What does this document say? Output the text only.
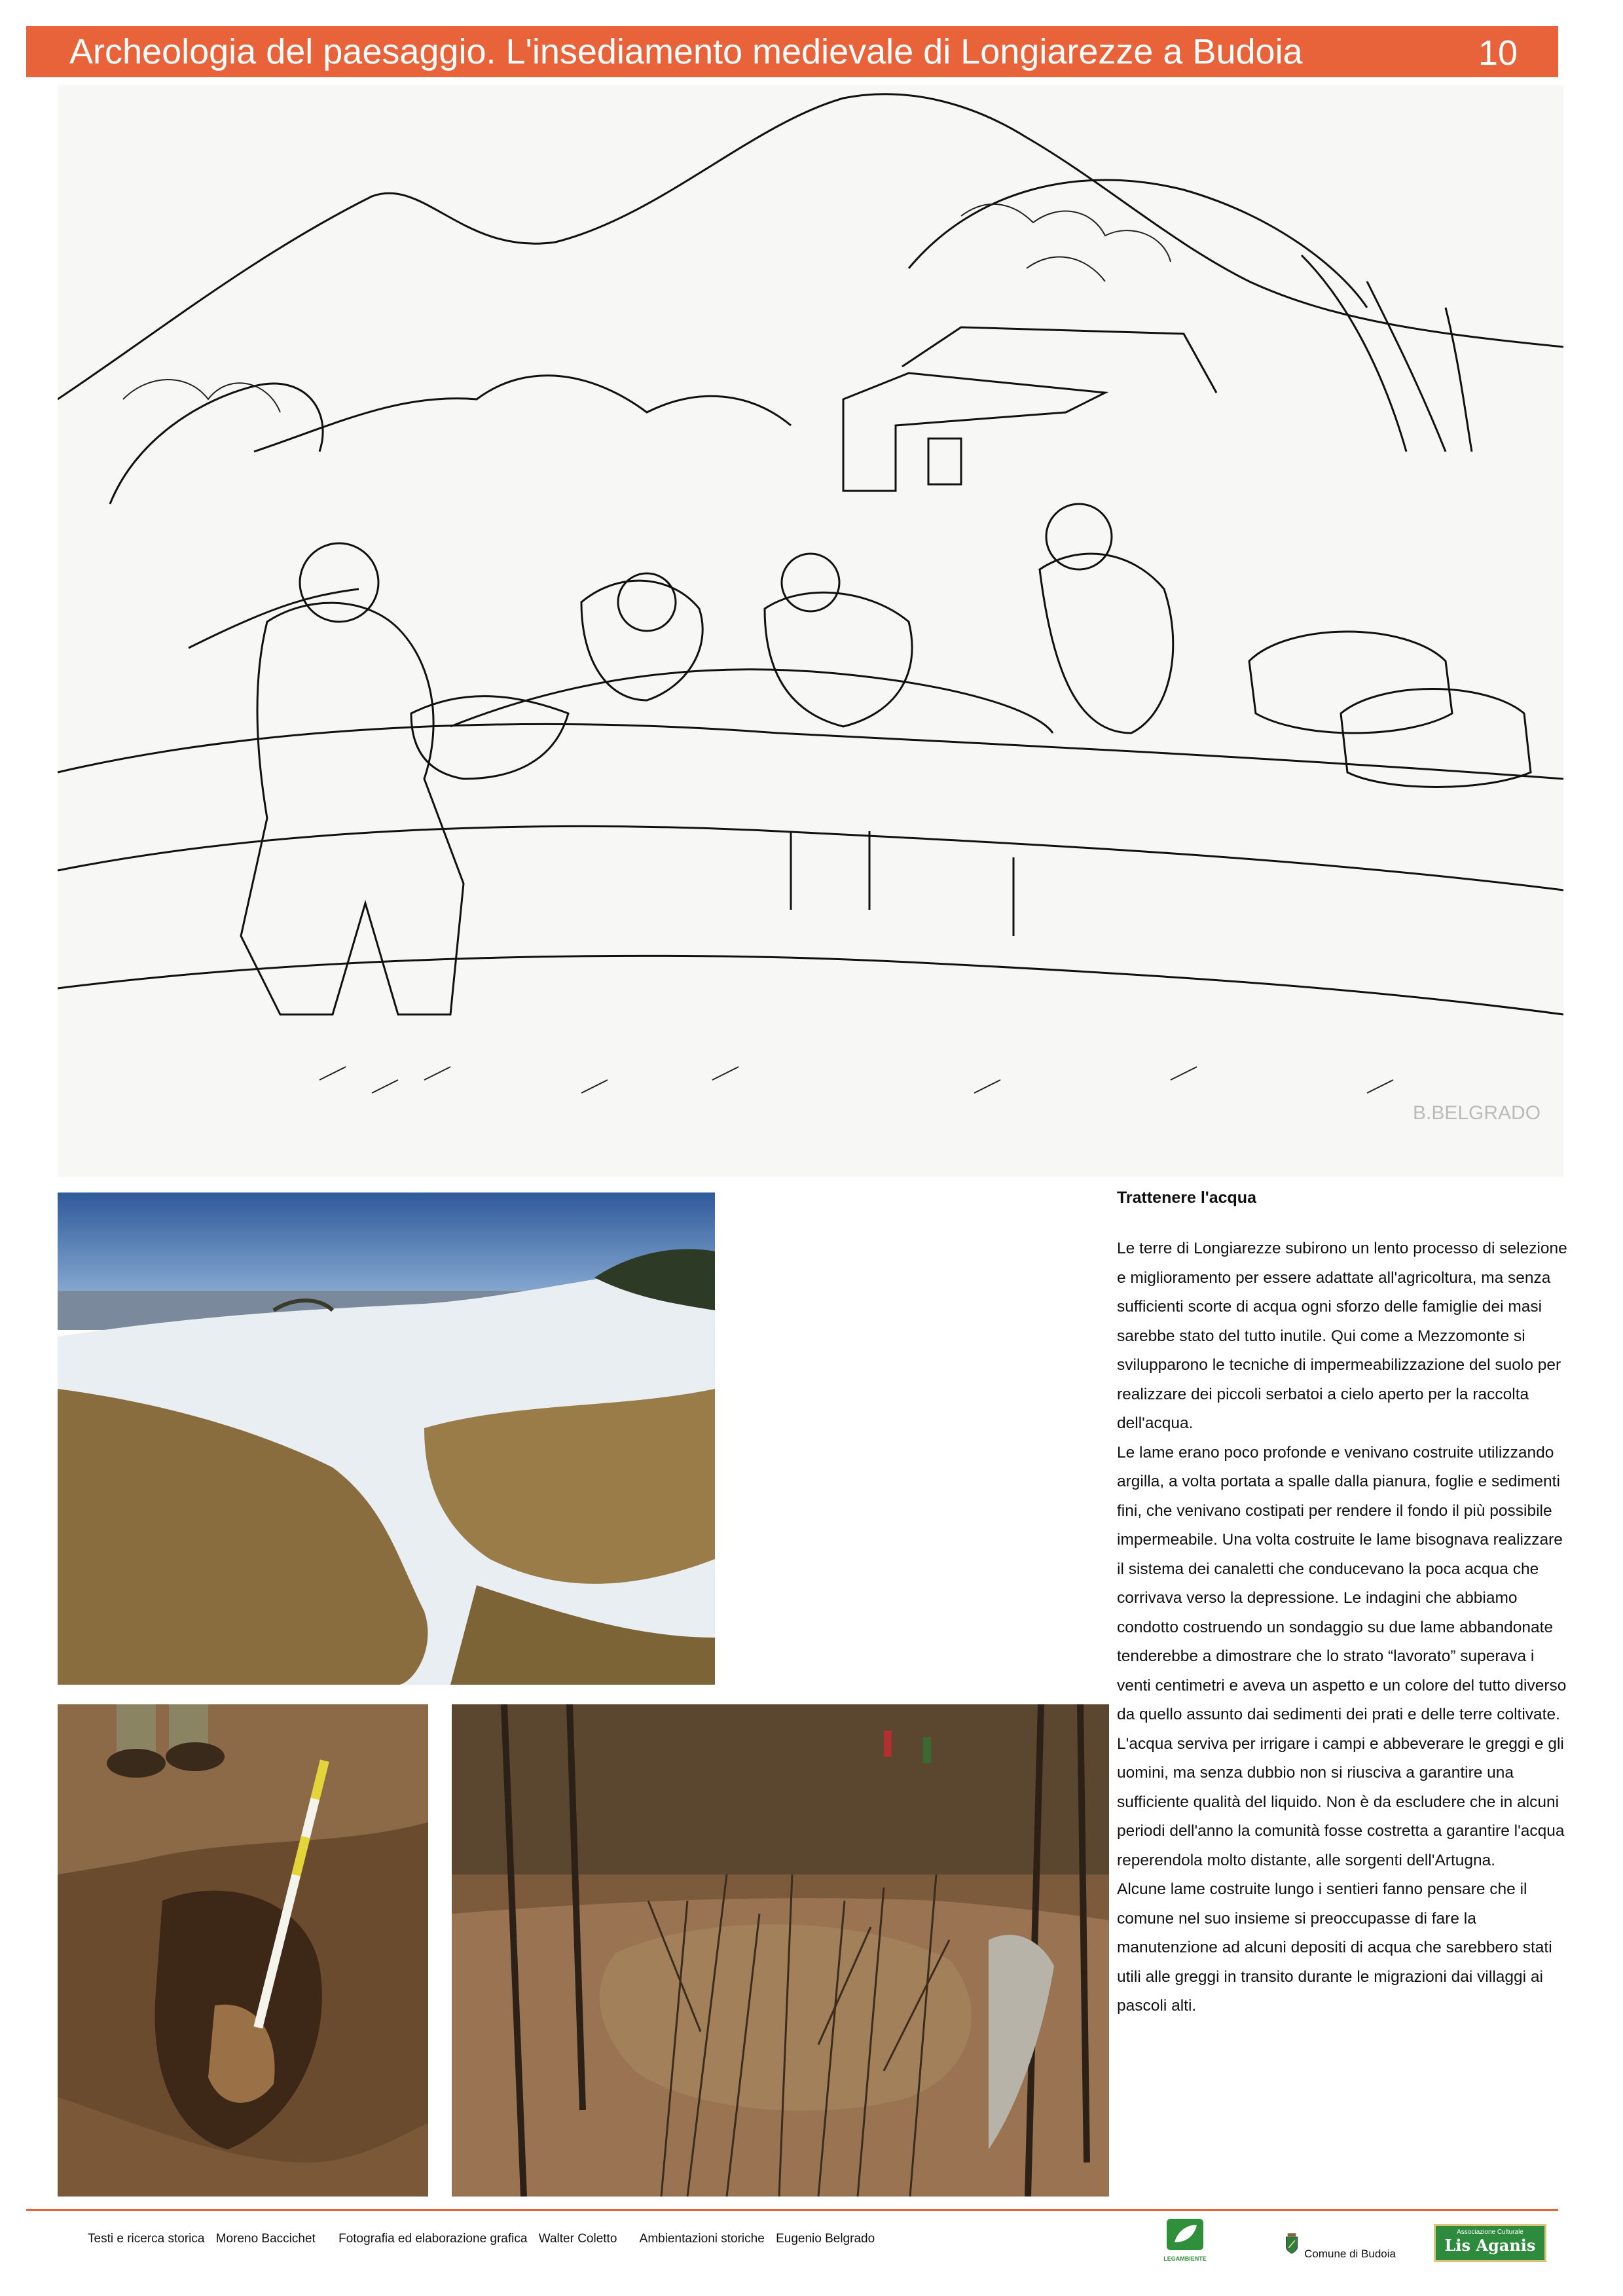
Archeologia del paesaggio. L'insediamento medievale di Longiarezze a Budoia	10
B.BELGRADO
Trattenere l'acqua

Le terre di Longiarezze subirono un lento processo di selezione e miglioramento per essere adattate all'agricoltura, ma senza sufficienti scorte di acqua ogni sforzo delle famiglie dei masi sarebbe stato del tutto inutile. Qui come a Mezzomonte si svilupparono le tecniche di impermeabilizzazione del suolo per realizzare dei piccoli serbatoi a cielo aperto per la raccolta dell'acqua.

Le lame erano poco profonde e venivano costruite utilizzando argilla, a volta portata a spalle dalla pianura, foglie e sedimenti fini, che venivano costipati per rendere il fondo il più possibile impermeabile. Una volta costruite le lame bisognava realizzare il sistema dei canaletti che conducevano la poca acqua che corrivava verso la depressione. Le indagini che abbiamo condotto costruendo un sondaggio su due lame abbandonate tenderebbe a dimostrare che lo strato “lavorato” superava i venti centimetri e aveva un aspetto e un colore del tutto diverso da quello assunto dai sedimenti dei prati e delle terre coltivate.

L'acqua serviva per irrigare i campi e abbeverare le greggi e gli uomini, ma senza dubbio non si riusciva a garantire una sufficiente qualità del liquido. Non è da escludere che in alcuni periodi dell'anno la comunità fosse costretta a garantire l'acqua reperendola molto distante, alle sorgenti dell'Artugna.

Alcune lame costruite lungo i sentieri fanno pensare che il comune nel suo insieme si preoccupasse di fare la manutenzione ad alcuni depositi di acqua che sarebbero stati utili alle greggi in transito durante le migrazioni dai villaggi ai pascoli alti.

Testi e ricerca storica Moreno Baccichet Fotografia ed elaborazione grafica Walter Coletto Ambientazioni storiche Eugenio Belgrado
LEGAMBIENTE	Comune di Budoia
Associazione Culturale
Lis Aganis
